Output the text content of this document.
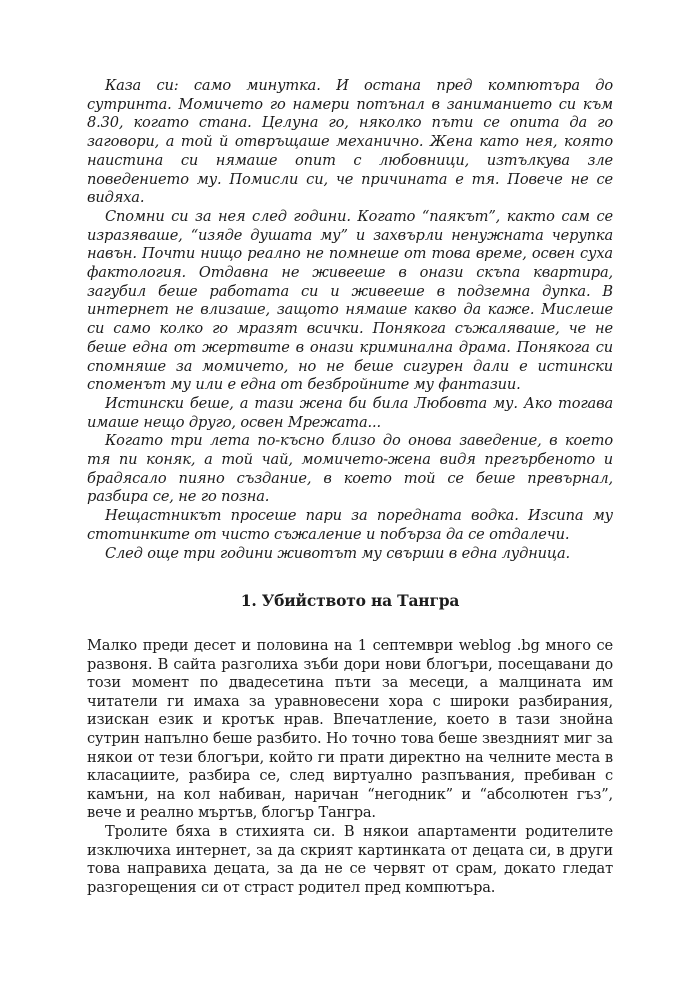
Каза си: само минутка. И остана пред компютъра до сутринта. Момичето го намери потънал в заниманието си към 8.30, когато стана. Целуна го, няколко пъти се опита да го заговори, а той й отвръщаше механично. Жена като нея, която наистина си нямаше опит с любовници, изтълкува зле поведението му. Помисли си, че причината е тя. Повече не се видяха.

Спомни си за нея след години. Когато “паякът”, както сам се изразяваше, “изяде душата му” и захвърли ненужната черупка навън. Почти нищо реално не помнеше от това време, освен суха фактология. Отдавна не живееше в онази скъпа квартира, загубил беше работата си и живееше в подземна дупка. В интернет не влизаше, защото нямаше какво да каже. Мислеше си само колко го мразят всички. Понякога съжаляваше, че не беше една от жертвите в онази криминална драма. Понякога си спомняше за момичето, но не беше сигурен дали е истински споменът му или е една от безбройните му фантазии.

Истински беше, а тази жена би била Любовта му. Ако тогава имаше нещо друго, освен Мрежата...

Когато три лета по-късно близо до онова заведение, в което тя пи коняк, а той чай, момичето-жена видя прегърбеното и брадясало пияно създание, в което той се беше превърнал, разбира се, не го позна.

Нещастникът просеше пари за поредната водка. Изсипа му стотинките от чисто съжаление и побърза да се отдалечи.

След още три години животът му свърши в една лудница.

1. Убийството на Тангра

Малко преди десет и половина на 1 септември weblog .bg много се развоня. В сайта разголиха зъби дори нови блогъри, посещавани до този момент по двадесетина пъти за месеци, а малцината им читатели ги имаха за уравновесени хора с широки разбирания, изискан език и кротък нрав. Впечатление, което в тази знойна сутрин напълно беше разбито. Но точно това беше звездният миг за някои от тези блогъри, който ги прати директно на челните места в класациите, разбира се, след виртуално разпъвания, пребиван с камъни, на кол набиван, наричан “негодник” и “абсолютен гъз”, вече и реално мъртъв, блогър Тангра.

Тролите бяха в стихията си. В някои апартаменти родителите изключиха интернет, за да скрият картинката от децата си, в други това направиха децата, за да не се червят от срам, докато гледат разгорещения си от страст родител пред компютъра.
